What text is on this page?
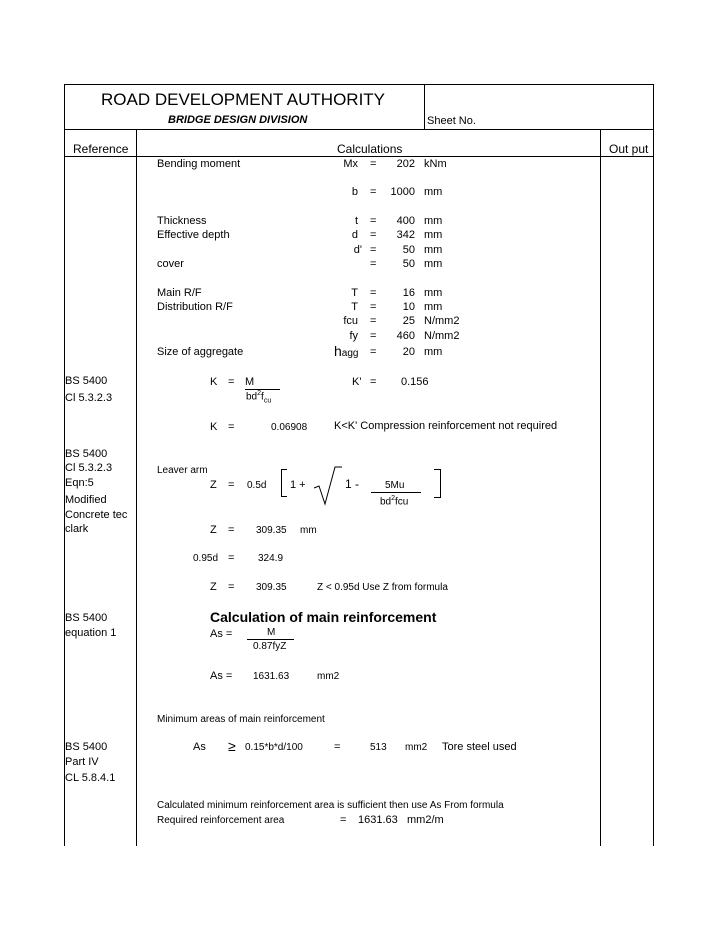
ROAD DEVELOPMENT AUTHORITY
BRIDGE DESIGN DIVISION	Sheet No.
Reference	Calculations	Out put
Bending moment	Mx =	202 kNm
b =	1000 mm
Thickness	t =	400 mm
Effective depth	d =	342 mm
d' =	50 mm
cover	=	50 mm
Main R/F	T =	16 mm
Distribution R/F	T =	10 mm
fcu =	25 N/mm2
fy =	460 N/mm2
Size of aggregate	hagg =	20 mm
BS 5400
Cl 5.3.2.3
K = M
$bd^2f_{cu}$
K' = 0.156
K =	0.06908 K<K' Compression reinforcement not required
BS 5400
Cl 5.3.2.3
Eqn:5
Modified
Concrete tec
clark
Leaver arm
Z = 0.5d 1 +	1 -	5Mu
$bd^2fcu$
Z = 309.35 mm
0.95d = 324.9
Z = 309.35	Z < 0.95d Use Z from formula
BS 5400
equation 1
Calculation of main reinforcement
As =	M
0.87fyZ
As = 1631.63	mm2
Minimum areas of main reinforcement
BS 5400
Part IV
CL 5.8.4.1
As ≥ 0.15*b*d/100	=	513 mm2 Tore steel used
Calculated minimum reinforcement area is sufficient then use As From formula
Required reinforcement area	= 1631.63 mm2/m
